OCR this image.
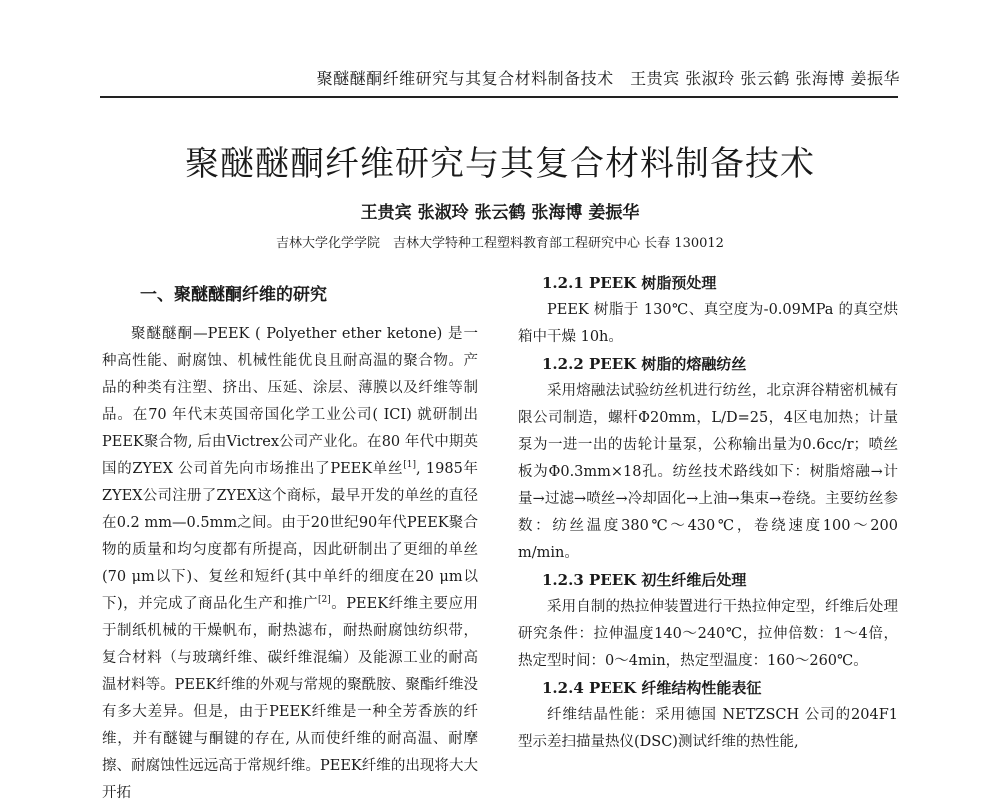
聚醚醚酮纤维研究与其复合材料制备技术　王贵宾 张淑玲 张云鹤 张海博 姜振华
聚醚醚酮纤维研究与其复合材料制备技术
王贵宾 张淑玲 张云鹤 张海博 姜振华
吉林大学化学学院　吉林大学特种工程塑料教育部工程研究中心 长春 130012
一、聚醚醚酮纤维的研究

聚醚醚酮—PEEK ( Polyether ether ketone) 是一种高性能、耐腐蚀、机械性能优良且耐高温的聚合物。产品的种类有注塑、挤出、压延、涂层、薄膜以及纤维等制品。在70 年代末英国帝国化学工业公司( ICI) 就研制出PEEK聚合物, 后由Victrex公司产业化。在80 年代中期英国的ZYEX 公司首先向市场推出了PEEK单丝[1], 1985年ZYEX公司注册了ZYEX这个商标，最早开发的单丝的直径在0.2 mm—0.5mm之间。由于20世纪90年代PEEK聚合物的质量和均匀度都有所提高，因此研制出了更细的单丝(70 μm以下)、复丝和短纤(其中单纤的细度在20 μm以下)，并完成了商品化生产和推广[2]。PEEK纤维主要应用于制纸机械的干燥帆布，耐热滤布，耐热耐腐蚀纺织带，复合材料（与玻璃纤维、碳纤维混编）及能源工业的耐高温材料等。PEEK纤维的外观与常规的聚酰胺、聚酯纤维没有多大差异。但是，由于PEEK纤维是一种全芳香族的纤维，并有醚键与酮键的存在, 从而使纤维的耐高温、耐摩擦、耐腐蚀性远远高于常规纤维。PEEK纤维的出现将大大开拓

1.2.1 PEEK 树脂预处理

PEEK 树脂于 130℃、真空度为-0.09MPa 的真空烘箱中干燥 10h。

1.2.2 PEEK 树脂的熔融纺丝

采用熔融法试验纺丝机进行纺丝，北京湃谷精密机械有限公司制造，螺杆Φ20mm，L/D=25，4区电加热；计量泵为一进一出的齿轮计量泵，公称输出量为0.6cc/r；喷丝板为Φ0.3mm×18孔。纺丝技术路线如下：树脂熔融→计量→过滤→喷丝→冷却固化→上油→集束→卷绕。主要纺丝参数：纺丝温度380℃～430℃，卷绕速度100～200 m/min。

1.2.3 PEEK 初生纤维后处理

采用自制的热拉伸装置进行干热拉伸定型，纤维后处理研究条件：拉伸温度140～240℃，拉伸倍数：1～4倍，热定型时间：0～4min，热定型温度：160～260℃。

1.2.4 PEEK 纤维结构性能表征

纤维结晶性能：采用德国 NETZSCH 公司的204F1 型示差扫描量热仪(DSC)测试纤维的热性能,
